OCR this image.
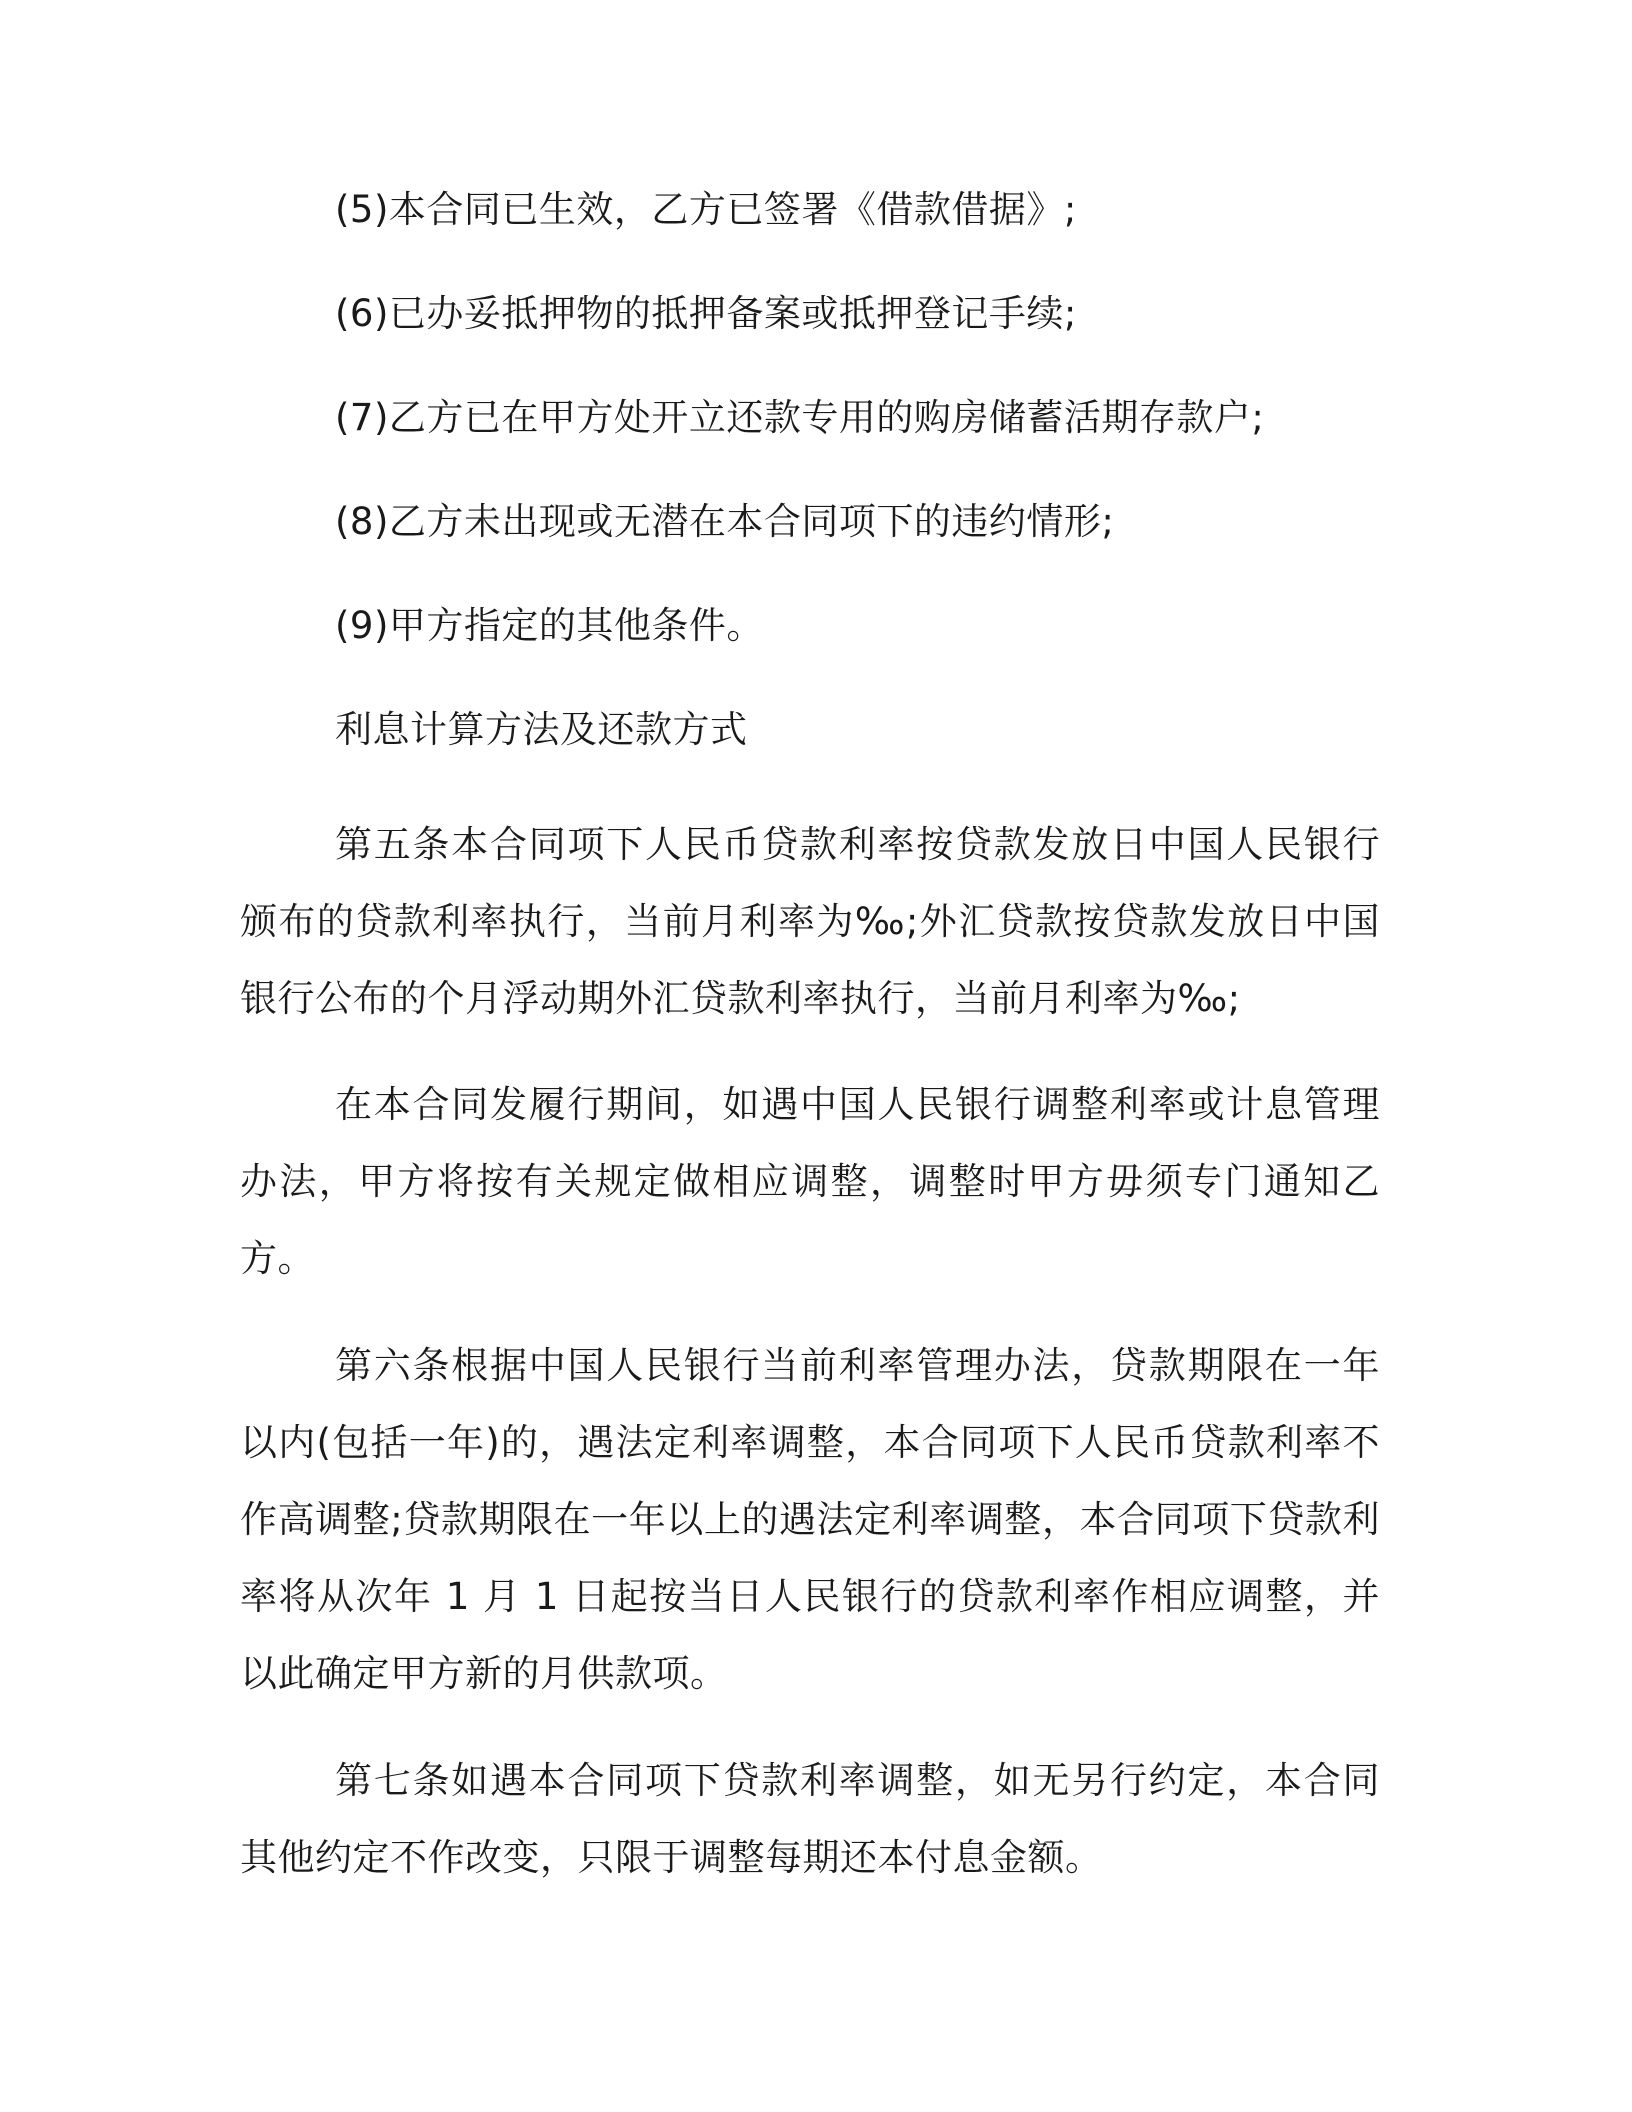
(5)本合同已生效，乙方已签署《借款借据》;

(6)已办妥抵押物的抵押备案或抵押登记手续;

(7)乙方已在甲方处开立还款专用的购房储蓄活期存款户;

(8)乙方未出现或无潜在本合同项下的违约情形;

(9)甲方指定的其他条件。

利息计算方法及还款方式

第五条本合同项下人民币贷款利率按贷款发放日中国人民银行颁布的贷款利率执行，当前月利率为‰;外汇贷款按贷款发放日中国银行公布的个月浮动期外汇贷款利率执行，当前月利率为‰;

在本合同发履行期间，如遇中国人民银行调整利率或计息管理办法，甲方将按有关规定做相应调整，调整时甲方毋须专门通知乙方。

第六条根据中国人民银行当前利率管理办法，贷款期限在一年以内(包括一年)的，遇法定利率调整，本合同项下人民币贷款利率不作高调整;贷款期限在一年以上的遇法定利率调整，本合同项下贷款利率将从次年 1 月 1 日起按当日人民银行的贷款利率作相应调整，并以此确定甲方新的月供款项。

第七条如遇本合同项下贷款利率调整，如无另行约定，本合同其他约定不作改变，只限于调整每期还本付息金额。
